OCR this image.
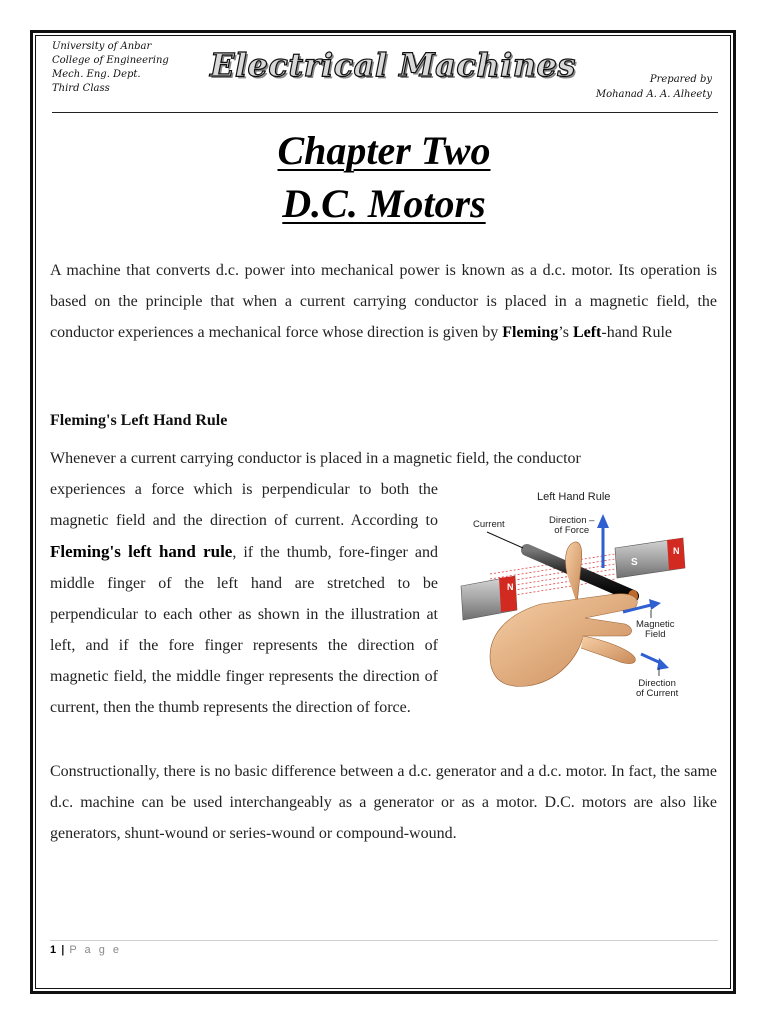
University of Anbar
College of Engineering
Mech. Eng. Dept.
Third Class
Electrical Machines	Prepared by
Mohanad A. A. Alheety
Chapter Two
D.C. Motors
A machine that converts d.c. power into mechanical power is known as a d.c. motor. Its operation is based on the principle that when a current carrying conductor is placed in a magnetic field, the conductor experiences a mechanical force whose direction is given by Fleming’s Left-hand Rule
Fleming's Left Hand Rule
Whenever a current carrying conductor is placed in a magnetic field, the conductor
experiences a force which is perpendicular to both the magnetic field and the direction of current. According to Fleming's left hand rule, if the thumb, fore-finger and middle finger of the left hand are stretched to be perpendicular to each other as shown in the illustration at left, and if the fore finger represents the direction of magnetic field, the middle finger represents the direction of current, then the thumb represents the direction of force.
Left Hand Rule
S
N
S
N
Current	Direction –
of Force
Magnetic
Field
Direction
of Current
Constructionally, there is no basic difference between a d.c. generator and a d.c. motor. In fact, the same d.c. machine can be used interchangeably as a generator or as a motor. D.C. motors are also like generators, shunt-wound or series-wound or compound-wound.
1 | P a g e
